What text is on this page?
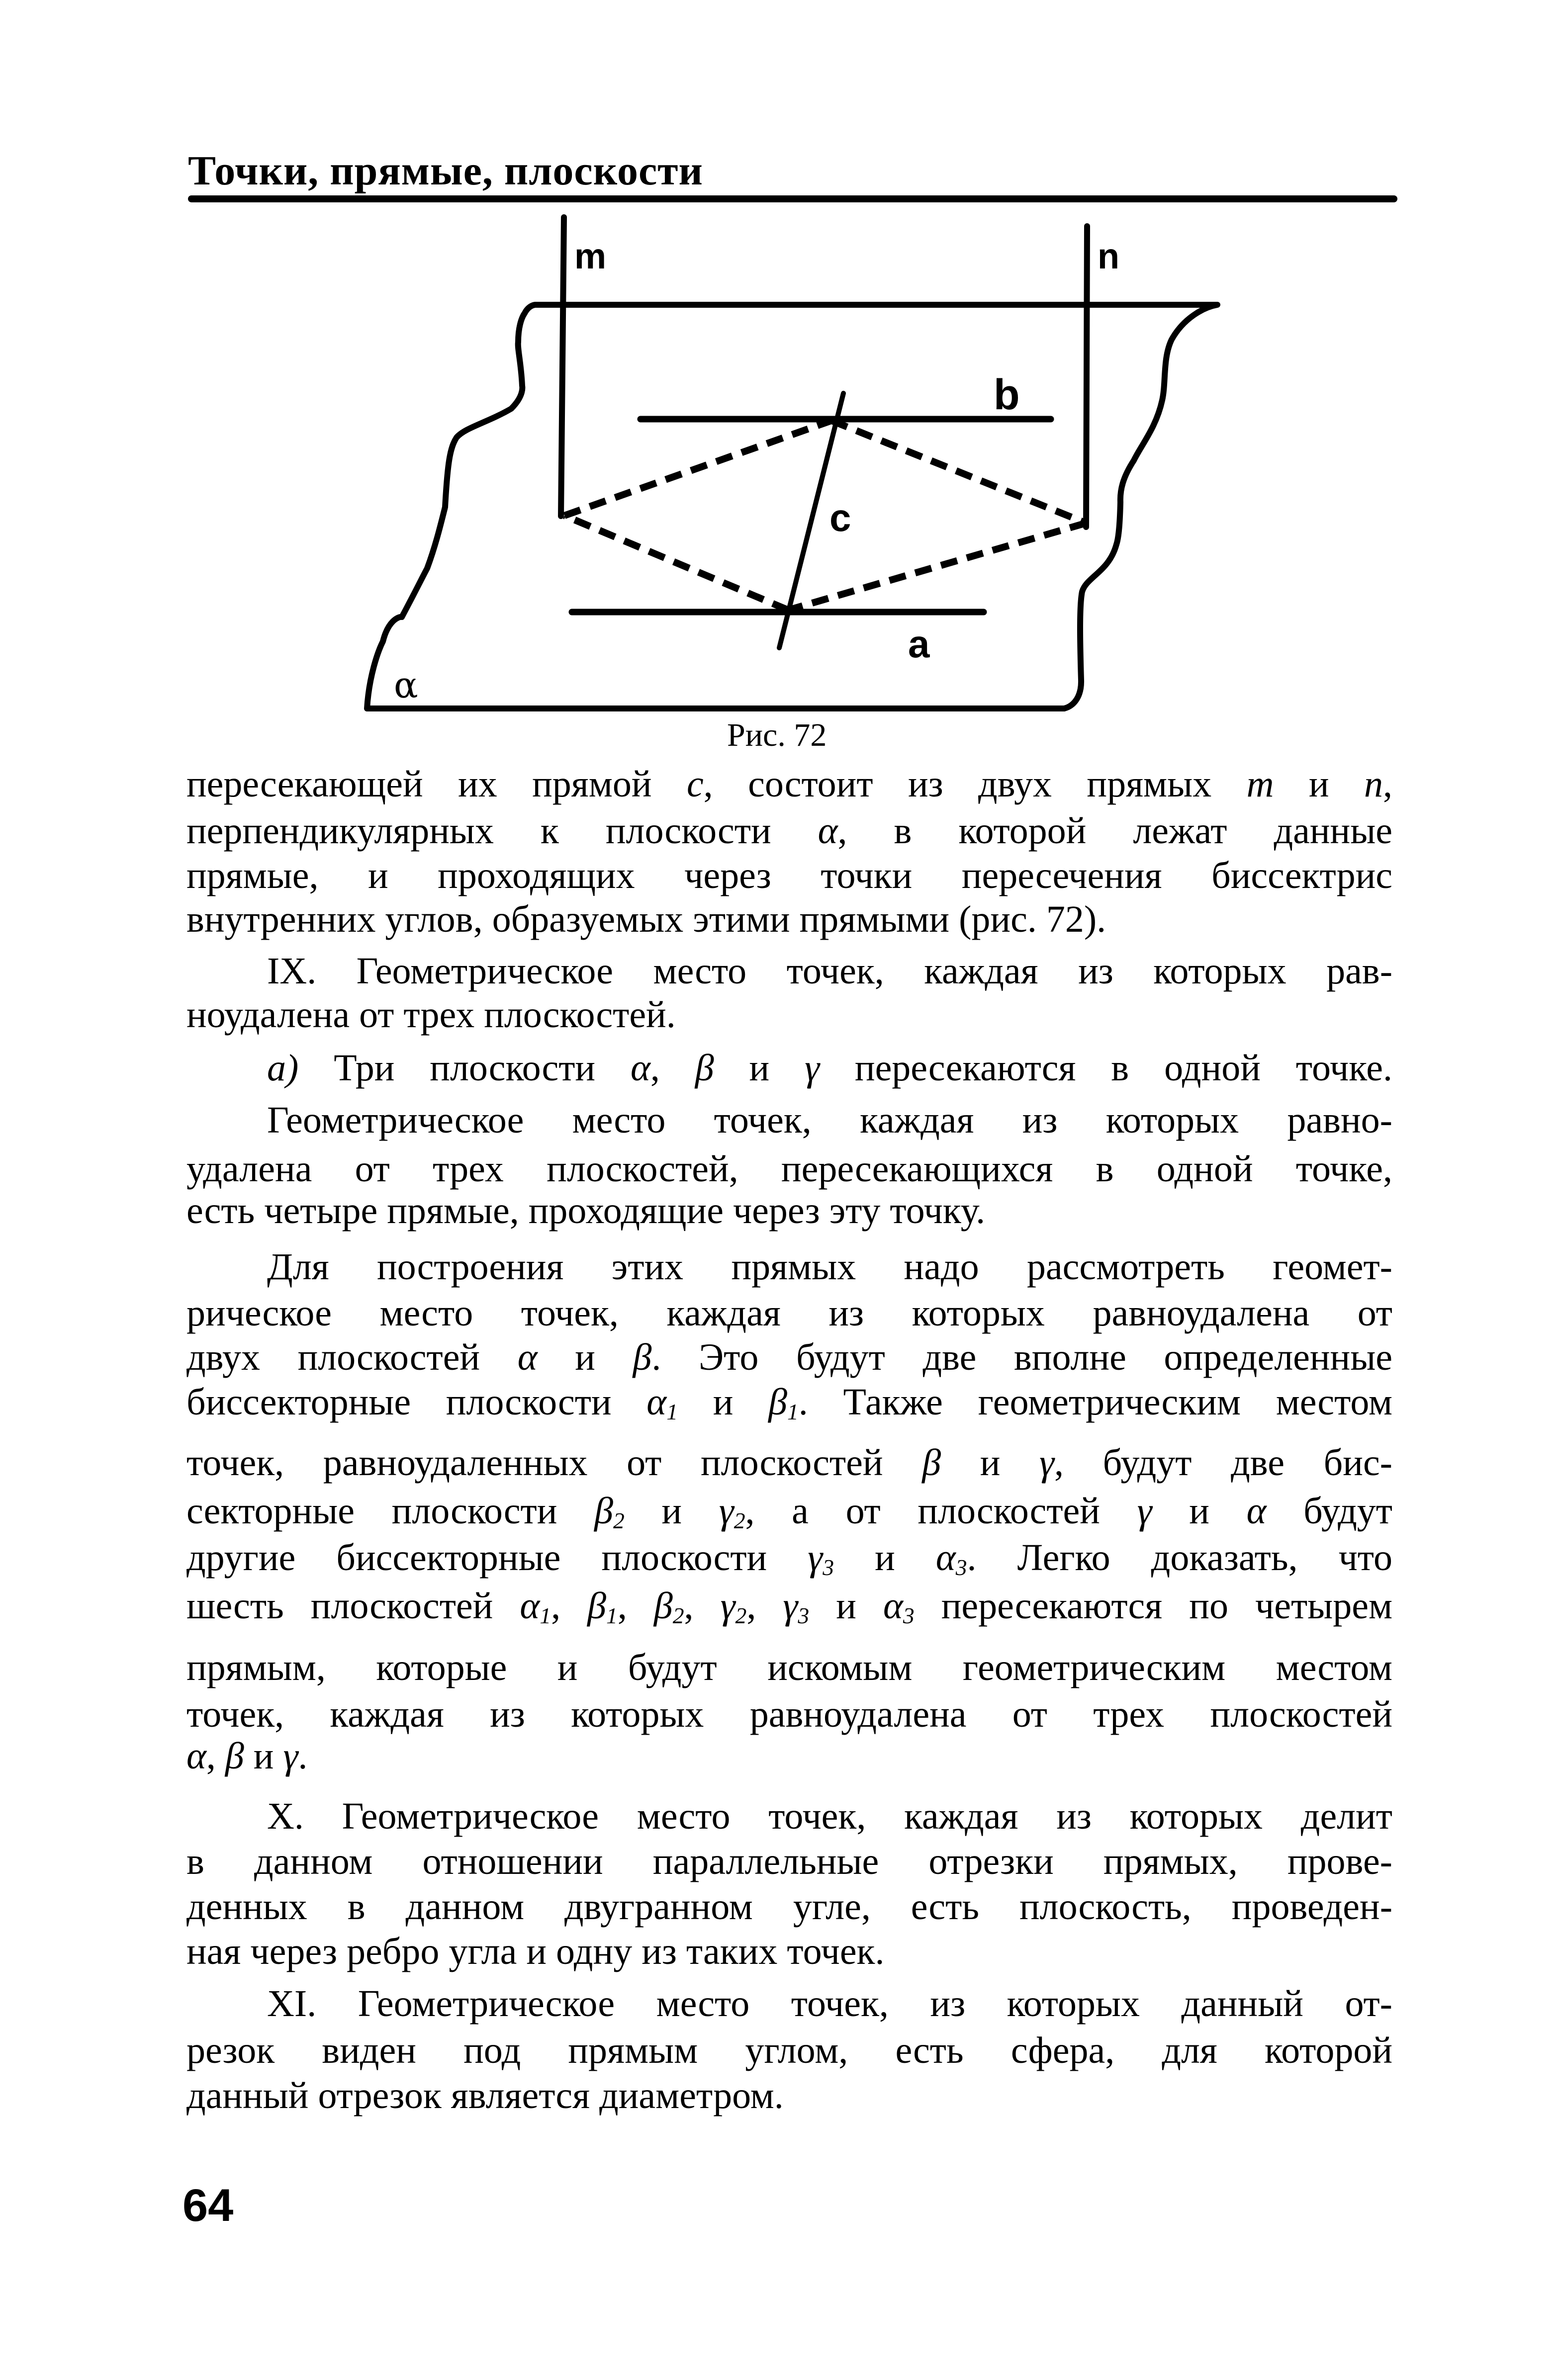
Точки, прямые, плоскости
m	n
b
c
a
α
Рис. 72
пересекающей их прямой c, состоит из двух прямых m и n,
перпендикулярных к плоскости α, в которой лежат данные
прямые, и проходящих через точки пересечения биссектрис
внутренних углов, образуемых этими прямыми (рис. 72).
IX. Геометрическое место точек, каждая из которых рав-
ноудалена от трех плоскостей.
а) Три плоскости α, β и γ пересекаются в одной точке.
Геометрическое место точек, каждая из которых равно-
удалена от трех плоскостей, пересекающихся в одной точке,
есть четыре прямые, проходящие через эту точку.
Для построения этих прямых надо рассмотреть геомет-
рическое место точек, каждая из которых равноудалена от
двух плоскостей α и β. Это будут две вполне определенные
биссекторные плоскости $\alpha_1$ и $\beta_1$. Также геометрическим местом
точек, равноудаленных от плоскостей β и γ, будут две бис-
секторные плоскости $\beta_2$ и $\gamma_2$, а от плоскостей γ и α будут
другие биссекторные плоскости $\gamma_3$ и $\alpha_3$. Легко доказать, что
шесть плоскостей $\alpha_1$, $\beta_1$, $\beta_2$, $\gamma_2$, $\gamma_3$ и $\alpha_3$ пересекаются по четырем
прямым, которые и будут искомым геометрическим местом
точек, каждая из которых равноудалена от трех плоскостей
α, β и γ.
X. Геометрическое место точек, каждая из которых делит
в данном отношении параллельные отрезки прямых, прове-
денных в данном двугранном угле, есть плоскость, проведен-
ная через ребро угла и одну из таких точек.
XI. Геометрическое место точек, из которых данный от-
резок виден под прямым углом, есть сфера, для которой
данный отрезок является диаметром.
64
